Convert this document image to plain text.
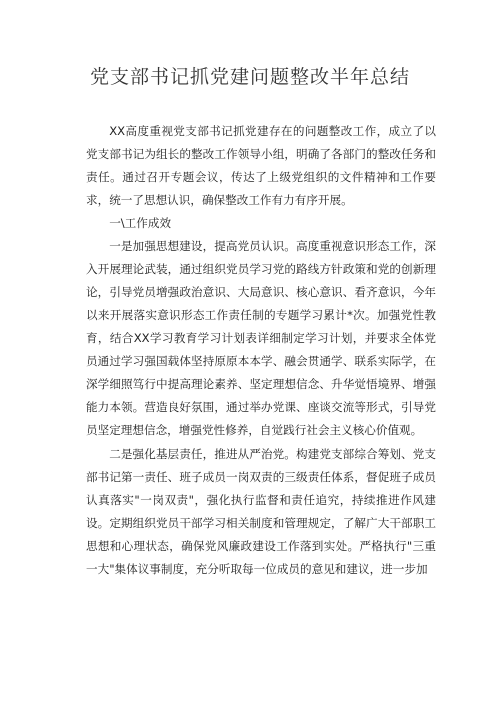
党支部书记抓党建问题整改半年总结

XX高度重视党支部书记抓党建存在的问题整改工作，成立了以党支部书记为组长的整改工作领导小组，明确了各部门的整改任务和责任。通过召开专题会议，传达了上级党组织的文件精神和工作要求，统一了思想认识，确保整改工作有力有序开展。

一\工作成效

一是加强思想建设，提高党员认识。高度重视意识形态工作，深入开展理论武装，通过组织党员学习党的路线方针政策和党的创新理论，引导党员增强政治意识、大局意识、核心意识、看齐意识，今年以来开展落实意识形态工作责任制的专题学习累计*次。加强党性教育，结合XX学习教育学习计划表详细制定学习计划，并要求全体党员通过学习强国载体坚持原原本本学、融会贯通学、联系实际学，在深学细照笃行中提高理论素养、坚定理想信念、升华觉悟境界、增强能力本领。营造良好氛围，通过举办党课、座谈交流等形式，引导党员坚定理想信念，增强党性修养，自觉践行社会主义核心价值观。

二是强化基层责任，推进从严治党。构建党支部综合筹划、党支部书记第一责任、班子成员一岗双责的三级责任体系，督促班子成员认真落实"一岗双责"，强化执行监督和责任追究，持续推进作风建设。定期组织党员干部学习相关制度和管理规定，了解广大干部职工思想和心理状态，确保党风廉政建设工作落到实处。严格执行"三重一大"集体议事制度，充分听取每一位成员的意见和建议，进一步加
